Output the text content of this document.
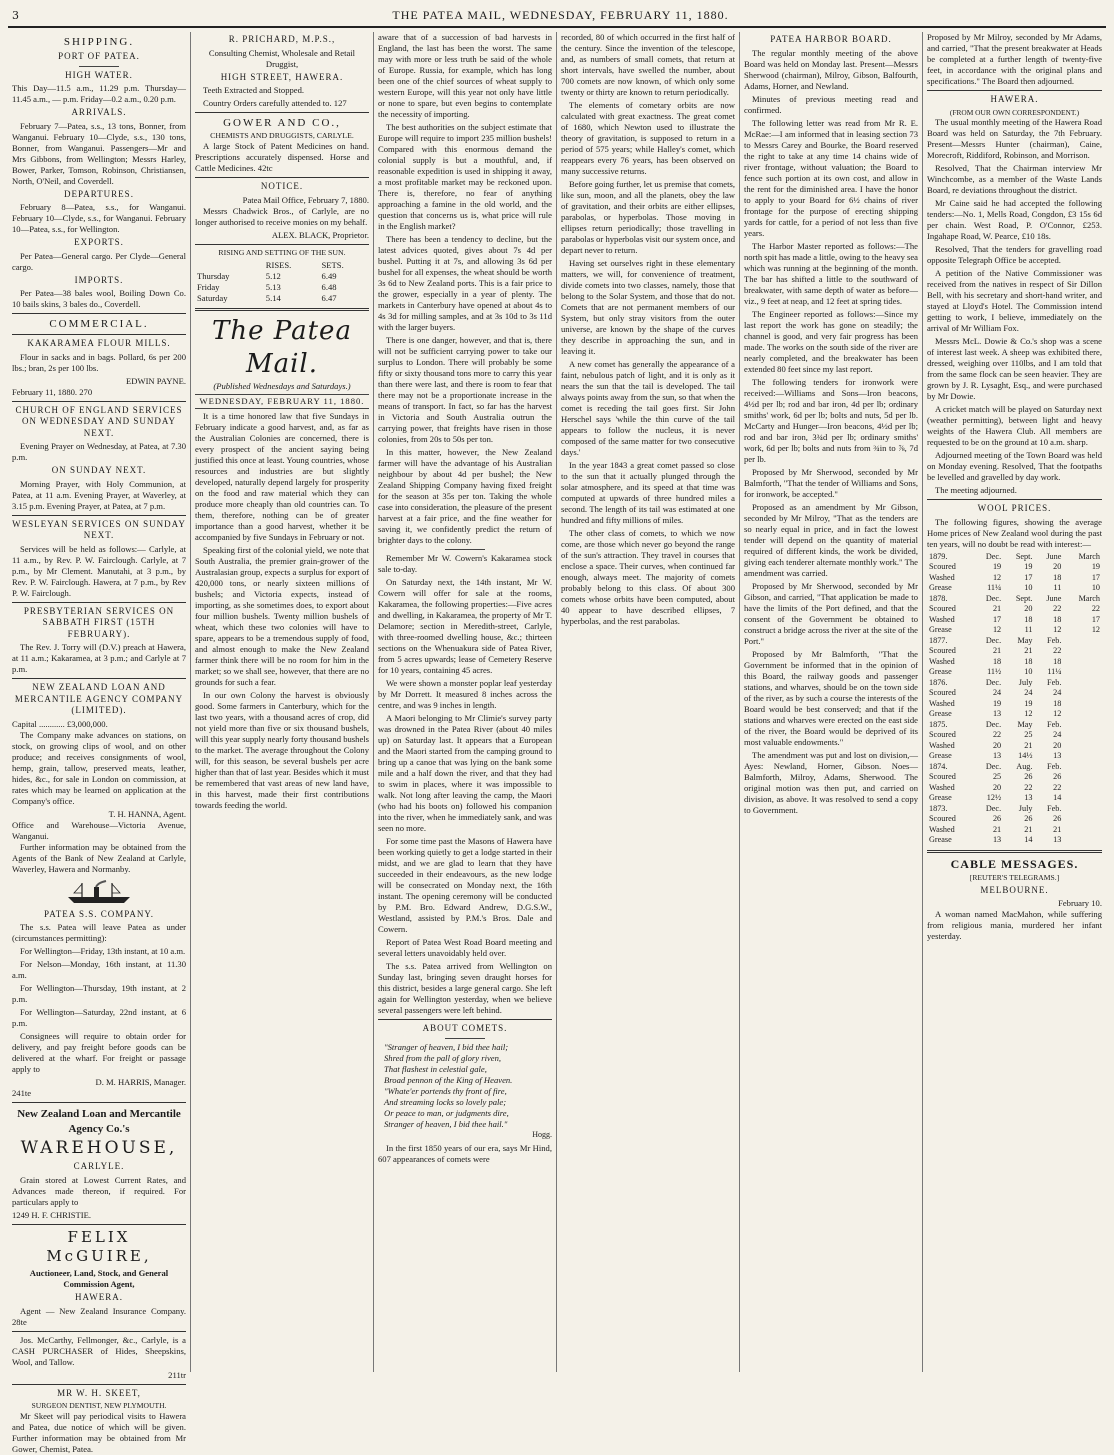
3	THE PATEA MAIL, WEDNESDAY, FEBRUARY 11, 1880.
SHIPPING.
PORT OF PATEA.
HIGH WATER.

This Day—11.5 a.m., 11.29 p.m. Thursday—11.45 a.m., — p.m. Friday—0.2 a.m., 0.20 p.m.

ARRIVALS.

February 7—Patea, s.s., 13 tons, Bonner, from Wanganui. February 10—Clyde, s.s., 130 tons, Bonner, from Wanganui. Passengers—Mr and Mrs Gibbons, from Wellington; Messrs Harley, Bower, Parker, Tomson, Robinson, Christiansen, North, O'Neil, and Coverdell.

DEPARTURES.

February 8—Patea, s.s., for Wanganui. February 10—Clyde, s.s., for Wanganui. February 10—Patea, s.s., for Wellington.

EXPORTS.

Per Patea—General cargo. Per Clyde—General cargo.

IMPORTS.

Per Patea—38 bales wool, Boiling Down Co. 10 bails skins, 3 bales do., Coverdell.

COMMERCIAL.
KAKARAMEA FLOUR MILLS.

Flour in sacks and in bags. Pollard, 6s per 200 lbs.; bran, 2s per 100 lbs.

EDWIN PAYNE.
February 11, 1880. 270
CHURCH OF ENGLAND SERVICES ON WEDNESDAY AND SUNDAY NEXT.

Evening Prayer on Wednesday, at Patea, at 7.30 p.m.

ON SUNDAY NEXT.

Morning Prayer, with Holy Communion, at Patea, at 11 a.m. Evening Prayer, at Waverley, at 3.15 p.m. Evening Prayer, at Patea, at 7 p.m.

WESLEYAN SERVICES ON SUNDAY NEXT.

Services will be held as follows:— Carlyle, at 11 a.m., by Rev. P. W. Fairclough. Carlyle, at 7 p.m., by Mr Clement. Manutahi, at 3 p.m., by Rev. P. W. Fairclough. Hawera, at 7 p.m., by Rev P. W. Fairclough.

PRESBYTERIAN SERVICES ON SABBATH FIRST (15TH FEBRUARY).

The Rev. J. Torry will (D.V.) preach at Hawera, at 11 a.m.; Kakaramea, at 3 p.m.; and Carlyle at 7 p.m.

NEW ZEALAND LOAN AND MERCANTILE AGENCY COMPANY (LIMITED).
Capital ............ £3,000,000.

The Company make advances on stations, on stock, on growing clips of wool, and on other produce; and receives consignments of wool, hemp, grain, tallow, preserved meats, leather, hides, &c., for sale in London on commission, at rates which may be learned on application at the Company's office.

T. H. HANNA, Agent.
Office and Warehouse—Victoria Avenue, Wanganui.

Further information may be obtained from the Agents of the Bank of New Zealand at Carlyle, Waverley, Hawera and Normanby.

PATEA S.S. COMPANY.

The s.s. Patea will leave Patea as under (circumstances permitting):

For Wellington—Friday, 13th instant, at 10 a.m.

For Nelson—Monday, 16th instant, at 11.30 a.m.

For Wellington—Thursday, 19th instant, at 2 p.m.

For Wellington—Saturday, 22nd instant, at 6 p.m.

Consignees will require to obtain order for delivery, and pay freight before goods can be delivered at the wharf. For freight or passage apply to

D. M. HARRIS, Manager.
241te
New Zealand Loan and Mercantile Agency Co.'s
WAREHOUSE,
CARLYLE.

Grain stored at Lowest Current Rates, and Advances made thereon, if required. For particulars apply to

1249 H. F. CHRISTIE.
FELIX McGUIRE,
Auctioneer, Land, Stock, and General Commission Agent,
HAWERA.

Agent — New Zealand Insurance Company. 28te

Jos. McCarthy, Fellmonger, &c., Carlyle, is a CASH PURCHASER of Hides, Sheepskins, Wool, and Tallow.

211tr
MR W. H. SKEET,
SURGEON DENTIST, NEW PLYMOUTH.

Mr Skeet will pay periodical visits to Hawera and Patea, due notice of which will be given. Further information may be obtained from Mr Gower, Chemist, Patea.

R. PRICHARD, M.P.S.,
Consulting Chemist, Wholesale and Retail Druggist,
HIGH STREET, HAWERA.

Teeth Extracted and Stopped.

Country Orders carefully attended to. 127

GOWER AND CO.,
CHEMISTS AND DRUGGISTS, CARLYLE.

A large Stock of Patent Medicines on hand. Prescriptions accurately dispensed. Horse and Cattle Medicines. 42tc

NOTICE.
Patea Mail Office, February 7, 1880.

Messrs Chadwick Bros., of Carlyle, are no longer authorised to receive monies on my behalf.

ALEX. BLACK, Proprietor.
RISING AND SETTING OF THE SUN.
	RISES.	SETS.
Thursday	5.12	6.49
Friday	5.13	6.48
Saturday	5.14	6.47
The Patea Mail.
(Published Wednesdays and Saturdays.)
WEDNESDAY, FEBRUARY 11, 1880.

It is a time honored law that five Sundays in February indicate a good harvest, and, as far as the Australian Colonies are concerned, there is every prospect of the ancient saying being justified this once at least. Young countries, whose resources and industries are but slightly developed, naturally depend largely for prosperity on the food and raw material which they can produce more cheaply than old countries can. To them, therefore, nothing can be of greater importance than a good harvest, whether it be accompanied by five Sundays in February or not.

Speaking first of the colonial yield, we note that South Australia, the premier grain-grower of the Australasian group, expects a surplus for export of 420,000 tons, or nearly sixteen millions of bushels; and Victoria expects, instead of importing, as she sometimes does, to export about four million bushels. Twenty million bushels of wheat, which these two colonies will have to spare, appears to be a tremendous supply of food, and almost enough to make the New Zealand farmer think there will be no room for him in the market; so we shall see, however, that there are no grounds for such a fear.

In our own Colony the harvest is obviously good. Some farmers in Canterbury, which for the last two years, with a thousand acres of crop, did not yield more than five or six thousand bushels, will this year supply nearly forty thousand bushels to the market. The average throughout the Colony will, for this season, be several bushels per acre higher than that of last year. Besides which it must be remembered that vast areas of new land have, in this harvest, made their first contributions towards feeding the world.

aware that of a succession of bad harvests in England, the last has been the worst. The same may with more or less truth be said of the whole of Europe. Russia, for example, which has long been one of the chief sources of wheat supply to western Europe, will this year not only have little or none to spare, but even begins to contemplate the necessity of importing.

The best authorities on the subject estimate that Europe will require to import 235 million bushels! Compared with this enormous demand the colonial supply is but a mouthful, and, if reasonable expedition is used in shipping it away, a most profitable market may be reckoned upon. There is, therefore, no fear of anything approaching a famine in the old world, and the question that concerns us is, what price will rule in the English market?

There has been a tendency to decline, but the latest advices quoted, gives about 7s 4d per bushel. Putting it at 7s, and allowing 3s 6d per bushel for all expenses, the wheat should be worth 3s 6d to New Zealand ports. This is a fair price to the grower, especially in a year of plenty. The markets in Canterbury have opened at about 4s to 4s 3d for milling samples, and at 3s 10d to 3s 11d with the larger buyers.

There is one danger, however, and that is, there will not be sufficient carrying power to take our surplus to London. There will probably be some fifty or sixty thousand tons more to carry this year than there were last, and there is room to fear that there may not be a proportionate increase in the means of transport. In fact, so far has the harvest in Victoria and South Australia outrun the carrying power, that freights have risen in those colonies, from 20s to 50s per ton.

In this matter, however, the New Zealand farmer will have the advantage of his Australian neighbour by about 4d per bushel; the New Zealand Shipping Company having fixed freight for the season at 35s per ton. Taking the whole case into consideration, the pleasure of the present harvest at a fair price, and the fine weather for saving it, we confidently predict the return of brighter days to the colony.

Remember Mr W. Cowern's Kakaramea stock sale to-day.

On Saturday next, the 14th instant, Mr W. Cowern will offer for sale at the rooms, Kakaramea, the following properties:—Five acres and dwelling, in Kakaramea, the property of Mr T. Delamore; section in Meredith-street, Carlyle, with three-roomed dwelling house, &c.; thirteen sections on the Whenuakura side of Patea River, from 5 acres upwards; lease of Cemetery Reserve for 10 years, containing 45 acres.

We were shown a monster poplar leaf yesterday by Mr Dorrett. It measured 8 inches across the centre, and was 9 inches in length.

A Maori belonging to Mr Climie's survey party was drowned in the Patea River (about 40 miles up) on Saturday last. It appears that a European and the Maori started from the camping ground to bring up a canoe that was lying on the bank some mile and a half down the river, and that they had to swim in places, where it was impossible to walk. Not long after leaving the camp, the Maori (who had his boots on) followed his companion into the river, when he immediately sank, and was seen no more.

For some time past the Masons of Hawera have been working quietly to get a lodge started in their midst, and we are glad to learn that they have succeeded in their endeavours, as the new lodge will be consecrated on Monday next, the 16th instant. The opening ceremony will be conducted by P.M. Bro. Edward Andrew, D.G.S.W., Westland, assisted by P.M.'s Bros. Dale and Cowern.

Report of Patea West Road Board meeting and several letters unavoidably held over.

The s.s. Patea arrived from Wellington on Sunday last, bringing seven draught horses for this district, besides a large general cargo. She left again for Wellington yesterday, when we believe several passengers were left behind.

ABOUT COMETS.

"Stranger of heaven, I bid thee hail;

Shred from the pall of glory riven,

That flashest in celestial gale,

Broad pennon of the King of Heaven.

"Whate'er portends thy front of fire,

And streaming locks so lovely pale;

Or peace to man, or judgments dire,

Stranger of heaven, I bid thee hail."

Hogg.

In the first 1850 years of our era, says Mr Hind, 607 appearances of comets were

recorded, 80 of which occurred in the first half of the century. Since the invention of the telescope, and, as numbers of small comets, that return at short intervals, have swelled the number, about 700 comets are now known, of which only some twenty or thirty are known to return periodically.

The elements of cometary orbits are now calculated with great exactness. The great comet of 1680, which Newton used to illustrate the theory of gravitation, is supposed to return in a period of 575 years; while Halley's comet, which reappears every 76 years, has been observed on many successive returns.

Before going further, let us premise that comets, like sun, moon, and all the planets, obey the law of gravitation, and their orbits are either ellipses, parabolas, or hyperbolas. Those moving in ellipses return periodically; those travelling in parabolas or hyperbolas visit our system once, and depart never to return.

Having set ourselves right in these elementary matters, we will, for convenience of treatment, divide comets into two classes, namely, those that belong to the Solar System, and those that do not. Comets that are not permanent members of our System, but only stray visitors from the outer universe, are known by the shape of the curves they describe in approaching the sun, and in leaving it.

A new comet has generally the appearance of a faint, nebulous patch of light, and it is only as it nears the sun that the tail is developed. The tail always points away from the sun, so that when the comet is receding the tail goes first. Sir John Herschel says 'while the thin curve of the tail appears to follow the nucleus, it is never composed of the same matter for two consecutive days.'

In the year 1843 a great comet passed so close to the sun that it actually plunged through the solar atmosphere, and its speed at that time was computed at upwards of three hundred miles a second. The length of its tail was estimated at one hundred and fifty millions of miles.

The other class of comets, to which we now come, are those which never go beyond the range of the sun's attraction. They travel in courses that enclose a space. Their curves, when continued far enough, always meet. The majority of comets probably belong to this class. Of about 300 comets whose orbits have been computed, about 40 appear to have described ellipses, 7 hyperbolas, and the rest parabolas.

PATEA HARBOR BOARD.

The regular monthly meeting of the above Board was held on Monday last. Present—Messrs Sherwood (chairman), Milroy, Gibson, Balfourth, Adams, Horner, and Newland.

Minutes of previous meeting read and confirmed.

The following letter was read from Mr R. E. McRae:—I am informed that in leasing section 73 to Messrs Carey and Bourke, the Board reserved the right to take at any time 14 chains wide of river frontage, without valuation; the Board to fence such portion at its own cost, and allow in the rent for the diminished area. I have the honor to apply to your Board for 6½ chains of river frontage for the purpose of erecting shipping yards for cattle, for a period of not less than five years.

The Harbor Master reported as follows:—The north spit has made a little, owing to the heavy sea which was running at the beginning of the month. The bar has shifted a little to the southward of breakwater, with same depth of water as before—viz., 9 feet at neap, and 12 feet at spring tides.

The Engineer reported as follows:—Since my last report the work has gone on steadily; the channel is good, and very fair progress has been made. The works on the south side of the river are nearly completed, and the breakwater has been extended 80 feet since my last report.

The following tenders for ironwork were received:—Williams and Sons—Iron beacons, 4½d per lb; rod and bar iron, 4d per lb; ordinary smiths' work, 6d per lb; bolts and nuts, 5d per lb. McCarty and Hunger—Iron beacons, 4½d per lb; rod and bar iron, 3¾d per lb; ordinary smiths' work, 6d per lb; bolts and nuts from ¾in to ⅞, 7d per lb.

Proposed by Mr Sherwood, seconded by Mr Balmforth, "That the tender of Williams and Sons, for ironwork, be accepted."

Proposed as an amendment by Mr Gibson, seconded by Mr Milroy, "That as the tenders are so nearly equal in price, and in fact the lowest tender will depend on the quantity of material required of different kinds, the work be divided, giving each tenderer alternate monthly work." The amendment was carried.

Proposed by Mr Sherwood, seconded by Mr Gibson, and carried, "That application be made to have the limits of the Port defined, and that the consent of the Government be obtained to construct a bridge across the river at the site of the Port."

Proposed by Mr Balmforth, "That the Government be informed that in the opinion of this Board, the railway goods and passenger stations, and wharves, should be on the town side of the river, as by such a course the interests of the Board would be best conserved; and that if the stations and wharves were erected on the east side of the river, the Board would be deprived of its most valuable endowments."

The amendment was put and lost on division,—Ayes: Newland, Horner, Gibson. Noes—Balmforth, Milroy, Adams, Sherwood. The original motion was then put, and carried on division, as above. It was resolved to send a copy to Government.

Proposed by Mr Milroy, seconded by Mr Adams, and carried, "That the present breakwater at Heads be completed at a further length of twenty-five feet, in accordance with the original plans and specifications." The Board then adjourned.

HAWERA.
(FROM OUR OWN CORRESPONDENT.)

The usual monthly meeting of the Hawera Road Board was held on Saturday, the 7th February. Present—Messrs Hunter (chairman), Caine, Morecroft, Riddiford, Robinson, and Morrison.

Resolved, That the Chairman interview Mr Winchcombe, as a member of the Waste Lands Board, re deviations throughout the district.

Mr Caine said he had accepted the following tenders:—No. 1, Mells Road, Congdon, £3 15s 6d per chain. West Road, P. O'Connor, £253. Ingahape Road, W. Pearce, £10 18s.

Resolved, That the tenders for gravelling road opposite Telegraph Office be accepted.

A petition of the Native Commissioner was received from the natives in respect of Sir Dillon Bell, with his secretary and short-hand writer, and stayed at Lloyd's Hotel. The Commission intend getting to work, I believe, immediately on the arrival of Mr William Fox.

Messrs McL. Dowie & Co.'s shop was a scene of interest last week. A sheep was exhibited there, dressed, weighing over 110lbs, and I am told that from the same flock can be seen heavier. They are grown by J. R. Lysaght, Esq., and were purchased by Mr Dowie.

A cricket match will be played on Saturday next (weather permitting), between light and heavy weights of the Hawera Club. All members are requested to be on the ground at 10 a.m. sharp.

Adjourned meeting of the Town Board was held on Monday evening. Resolved, That the footpaths be levelled and gravelled by day work.

The meeting adjourned.

WOOL PRICES.

The following figures, showing the average Home prices of New Zealand wool during the past ten years, will no doubt be read with interest:—

1879.	Dec.	Sept.	June	March
Scoured	19	19	20	19
Washed	12	17	18	17
Grease	11¼	10	11	10
1878.	Dec.	Sept.	June	March
Scoured	21	20	22	22
Washed	17	18	18	17
Grease	12	11	12	12
1877.	Dec.	May	Feb.	
Scoured	21	21	22	
Washed	18	18	18	
Grease	11½	10	11¼	
1876.	Dec.	July	Feb.	
Scoured	24	24	24	
Washed	19	19	18	
Grease	13	12	12	
1875.	Dec.	May	Feb.	
Scoured	22	25	24	
Washed	20	21	20	
Grease	13	14½	13	
1874.	Dec.	Aug.	Feb.	
Scoured	25	26	26	
Washed	20	22	22	
Grease	12½	13	14	
1873.	Dec.	July	Feb.	
Scoured	26	26	26	
Washed	21	21	21	
Grease	13	14	13	
CABLE MESSAGES.
[REUTER'S TELEGRAMS.]
MELBOURNE.
February 10.

A woman named MacMahon, while suffering from religious mania, murdered her infant yesterday.
